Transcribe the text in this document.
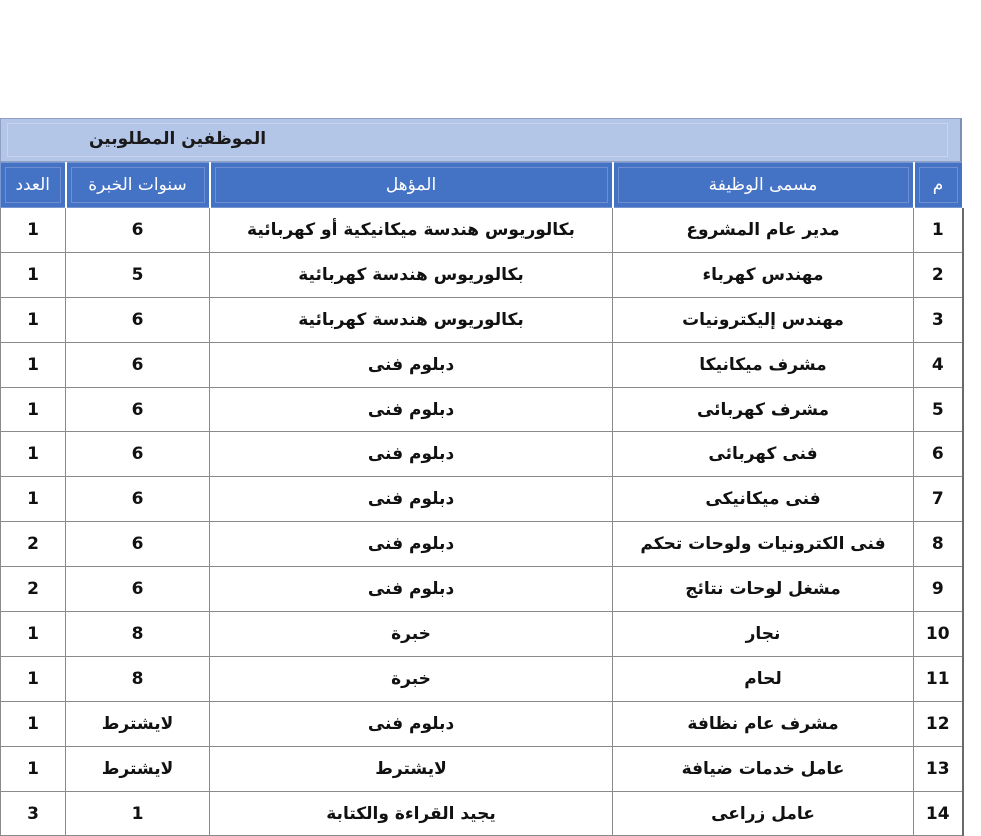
الموظفين المطلوبين
العدد	سنوات الخبرة	المؤهل	مسمى الوظيفة	م

1	6	بكالوريوس هندسة ميكانيكية أو كهربائية	مدير عام المشروع	1
1	5	بكالوريوس هندسة كهربائية	مهندس كهرباء	2
1	6	بكالوريوس هندسة كهربائية	مهندس إليكترونيات	3
1	6	دبلوم فنى	مشرف ميكانيكا	4
1	6	دبلوم فنى	مشرف كهربائى	5
1	6	دبلوم فنى	فنى كهربائى	6
1	6	دبلوم فنى	فنى ميكانيكى	7
2	6	دبلوم فنى	فنى الكترونيات ولوحات تحكم	8
2	6	دبلوم فنى	مشغل لوحات نتائج	9
1	8	خبرة	نجار	10
1	8	خبرة	لحام	11
1	لايشترط	دبلوم فنى	مشرف عام نظافة	12
1	لايشترط	لايشترط	عامل خدمات ضيافة	13
3	1	يجيد القراءة والكتابة	عامل زراعى	14
